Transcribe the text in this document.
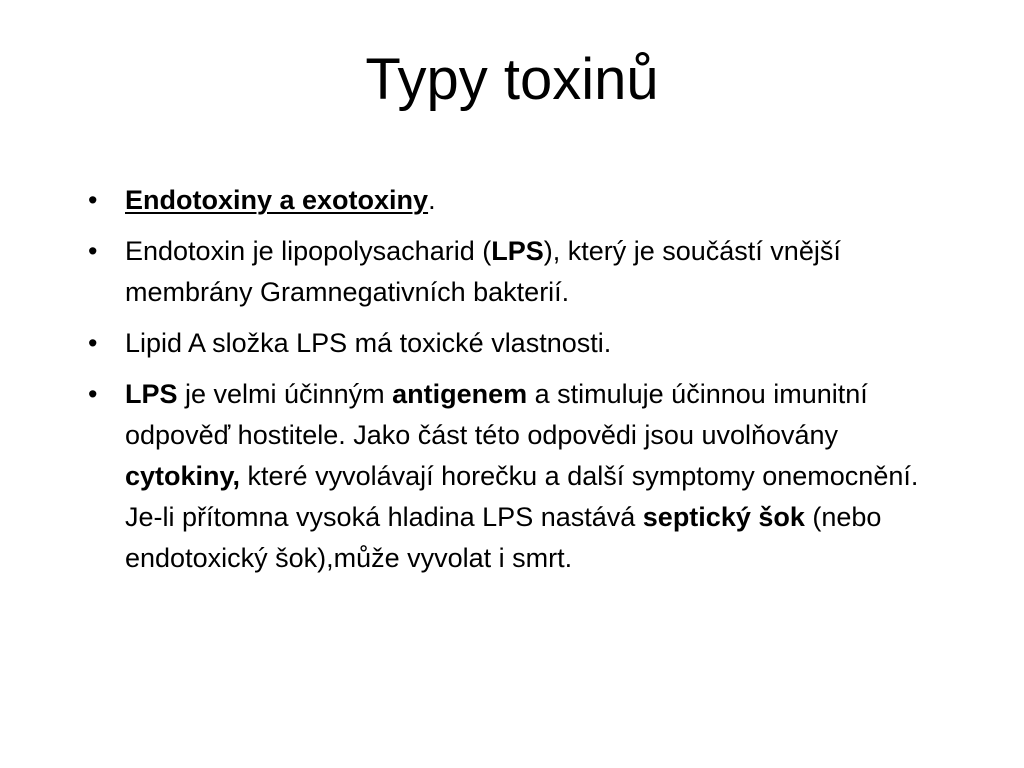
Typy toxinů
•	Endotoxiny a exotoxiny.
•	Endotoxin je lipopolysacharid (LPS), který je součástí vnější membrány Gramnegativních bakterií.
•	Lipid A složka LPS má toxické vlastnosti.
•	LPS je velmi účinným antigenem a stimuluje účinnou imunitní odpověď hostitele. Jako část této odpovědi jsou uvolňovány cytokiny, které vyvolávají horečku a další symptomy onemocnění. Je-li přítomna vysoká hladina LPS nastává septický šok (nebo endotoxický šok),může vyvolat i smrt.
